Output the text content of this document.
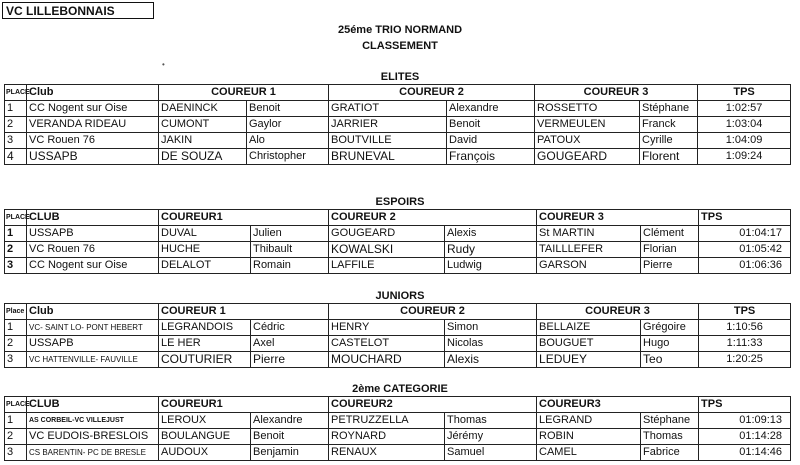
VC LILLEBONNAIS
25éme TRIO NORMAND
CLASSEMENT
•
ELITES
PLACE	Club	COUREUR 1		COUREUR 2		COUREUR 3		TPS
1	CC Nogent sur Oise	DAENINCK	Benoit	GRATIOT	Alexandre	ROSSETTO	Stéphane	1:02:57
2	VERANDA RIDEAU	CUMONT	Gaylor	JARRIER	Benoit	VERMEULEN	Franck	1:03:04
3	VC Rouen 76	JAKIN	Alo	BOUTVILLE	David	PATOUX	Cyrille	1:04:09
4	USSAPB	DE SOUZA	Christopher	BRUNEVAL	François	GOUGEARD	Florent	1:09:24
ESPOIRS
PLACE	CLUB	COUREUR1		COUREUR 2		COUREUR 3		TPS
1	USSAPB	DUVAL	Julien	GOUGEARD	Alexis	St MARTIN	Clément	01:04:17
2	VC Rouen 76	HUCHE	Thibault	KOWALSKI	Rudy	TAILLLEFER	Florian	01:05:42
3	CC Nogent sur Oise	DELALOT	Romain	LAFFILE	Ludwig	GARSON	Pierre	01:06:36
JUNIORS
Place	Club	COUREUR 1		COUREUR 2		COUREUR 3		TPS
1	VC- SAINT LO- PONT HEBERT	LEGRANDOIS	Cédric	HENRY	Simon	BELLAIZE	Grégoire	1:10:56
2	USSAPB	LE HER	Axel	CASTELOT	Nicolas	BOUGUET	Hugo	1:11:33
3	VC HATTENVILLE- FAUVILLE	COUTURIER	Pierre	MOUCHARD	Alexis	LEDUEY	Teo	1:20:25
2ème CATEGORIE
PLACE	CLUB	COUREUR1		COUREUR2		COUREUR3		TPS
1	AS CORBEIL-VC VILLEJUST	LEROUX	Alexandre	PETRUZZELLA	Thomas	LEGRAND	Stéphane	01:09:13
2	VC EUDOIS-BRESLOIS	BOULANGUE	Benoit	ROYNARD	Jérémy	ROBIN	Thomas	01:14:28
3	CS BARENTIN- PC DE BRESLE	AUDOUX	Benjamin	RENAUX	Samuel	CAMEL	Fabrice	01:14:46
